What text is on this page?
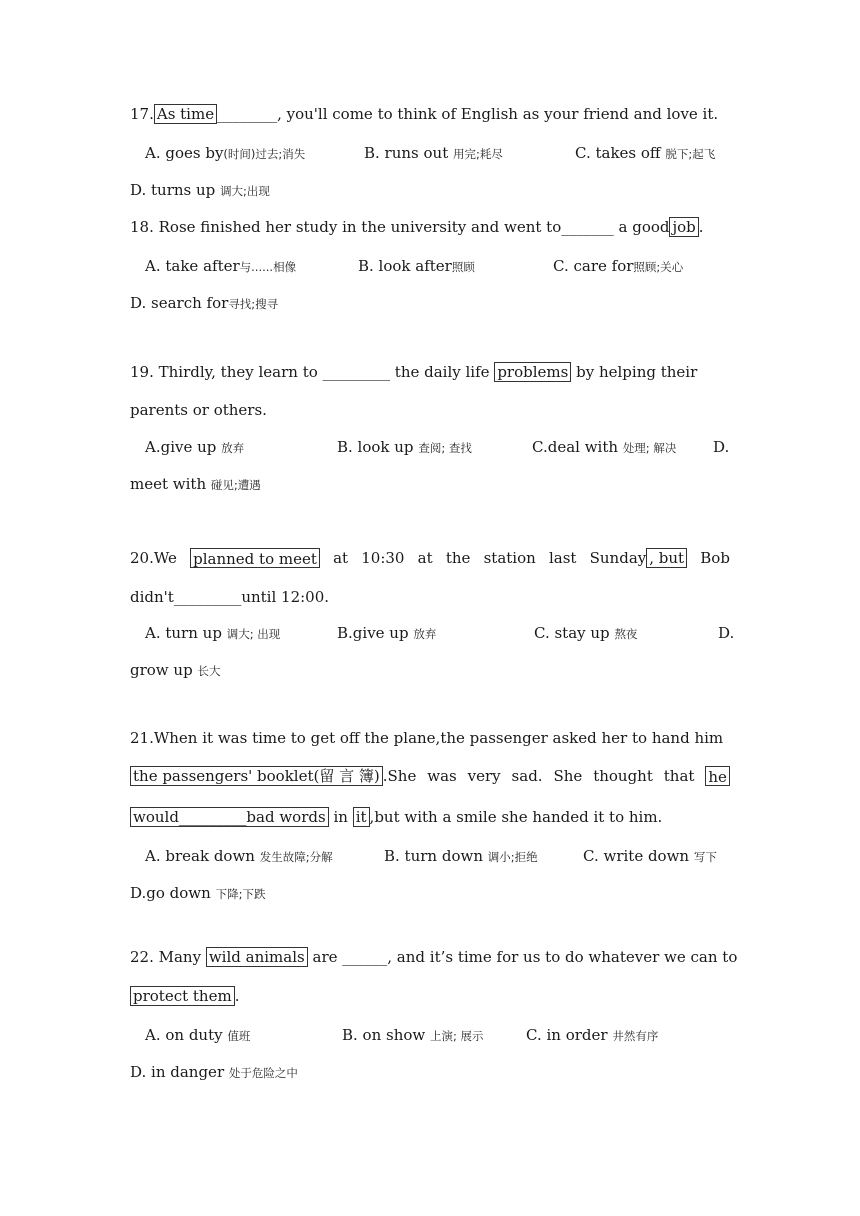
17. As time ________, you'll come to think of English as your friend and love it.
A. goes by(时间)过去;消失	B. runs out 用完;耗尽	C. takes off 脱下;起飞
D. turns up 调大;出现
18. Rose finished her study in the university and went to_______ a good job .
A. take after与......相像	B. look after照顾	C. care for照顾;关心
D. search for寻找;搜寻
19. Thirdly, they learn to _________ the daily life problems by helping their
parents or others.
A.give up 放弃	B. look up 查阅; 查找	C.deal with 处理; 解决 D.
meet with 碰见;遭遇
20.We planned to meet at 10:30 at the station last Sunday , but Bob
didn't_________until 12:00.
A. turn up 调大; 出现	B.give up 放弃	C. stay up 熬夜	D.
grow up 长大
21.When it was time to get off the plane,the passenger asked her to hand him
the passengers' booklet(留 言 簿) .She was very sad. She thought that he
would_________bad words in it ,but with a smile she handed it to him.
A. break down 发生故障;分解	B. turn down 调小;拒绝	C. write down 写下
D.go down 下降;下跌
22. Many wild animals are ______, and it’s time for us to do whatever we can to
protect them .
A. on duty 值班	B. on show 上演; 展示	C. in order 井然有序
D. in danger 处于危险之中
